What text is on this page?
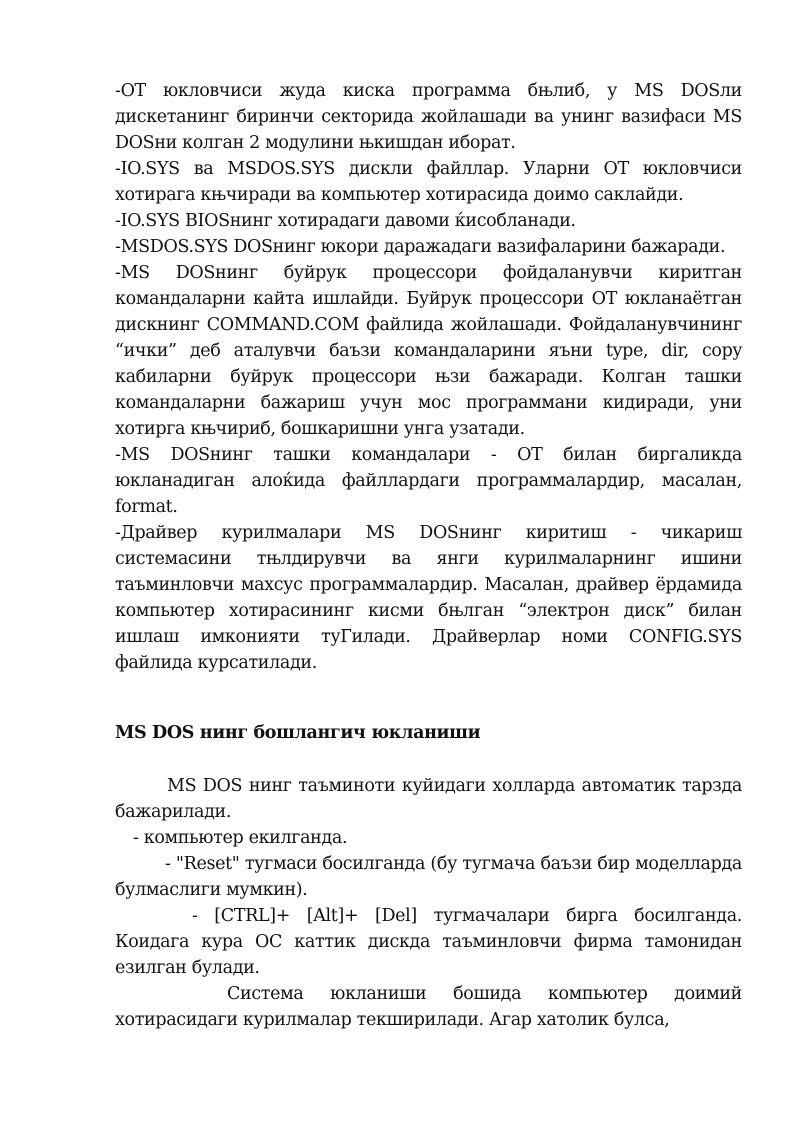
-ОТ юкловчиси жуда киска программа бњлиб, у MS DOSли дискетанинг биринчи секторида жойлашади ва унинг вазифаси MS DOSни колган 2 модулини њкишдан иборат.

-IO.SYS ва MSDOS.SYS дискли файллар. Уларни ОТ юкловчиси хотирага књчиради ва компьютер хотирасида доимо саклайди.

-IO.SYS BIOSнинг хотирадаги давоми ќисобланади.

-MSDOS.SYS DOSнинг юкори даражадаги вазифаларини бажаради.

-MS DOSнинг буйрук процессори фойдаланувчи киритган командаларни кайта ишлайди. Буйрук процессори ОТ юкланаётган дискнинг COMMAND.COM файлида жойлашади. Фойдаланувчининг “ички” деб аталувчи баъзи командаларини яъни type, dir, copy кабиларни буйрук процессори њзи бажаради. Колган ташки командаларни бажариш учун мос программани кидиради, уни хотирга књчириб, бошкаришни унга узатади.

-MS DOSнинг ташки командалари - ОТ билан биргаликда юкланадиган алоќида файллардаги программалардир, масалан, format.

-Драйвер курилмалари MS DOSнинг киритиш - чикариш системасини тњлдирувчи ва янги курилмаларнинг ишини таъминловчи махсус программалардир. Масалан, драйвер ёрдамида компьютер хотирасининг кисми бњлган “электрон диск” билан ишлаш имконияти туГилади. Драйверлар номи CONFIG.SYS файлида курсатилади.

MS DOS нинг бошлангич юкланиши

MS DOS нинг таъминоти куйидаги холларда автоматик тарзда бажарилади.

- компьютер екилганда.

- "Reset" тугмаси босилганда (бу тугмача баъзи бир моделларда булмаслиги мумкин).

- [CTRL]+ [Alt]+ [Del] тугмачалари бирга босилганда. Коидага кура ОС каттик дискда таъминловчи фирма тамонидан езилган булади.

Система юкланиши бошида компьютер доимий хотирасидаги курилмалар текширилади. Агар хатолик булса,
